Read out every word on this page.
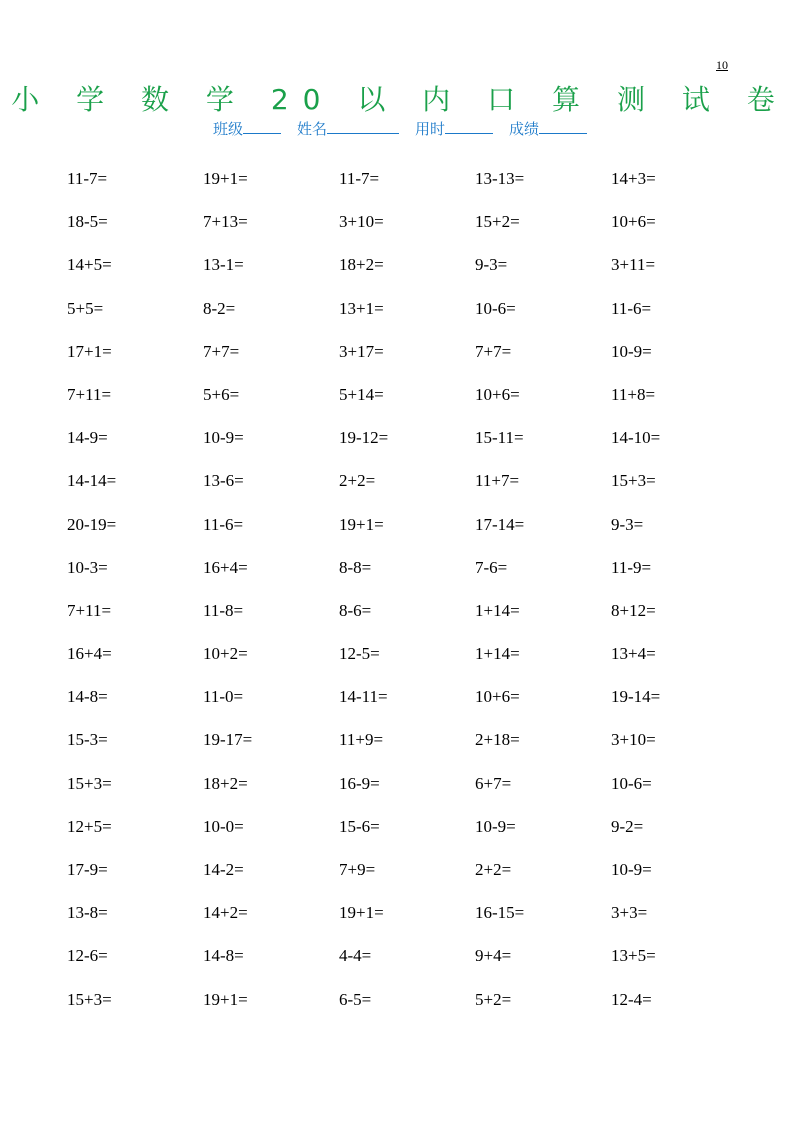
10
小 学 数 学 20 以 内 口 算 测 试 卷
班级	姓名	用时	成绩
11-7=	19+1=	11-7=	13-13=	14+3=
18-5=	7+13=	3+10=	15+2=	10+6=
14+5=	13-1=	18+2=	9-3=	3+11=
5+5=	8-2=	13+1=	10-6=	11-6=
17+1=	7+7=	3+17=	7+7=	10-9=
7+11=	5+6=	5+14=	10+6=	11+8=
14-9=	10-9=	19-12=	15-11=	14-10=
14-14=	13-6=	2+2=	11+7=	15+3=
20-19=	11-6=	19+1=	17-14=	9-3=
10-3=	16+4=	8-8=	7-6=	11-9=
7+11=	11-8=	8-6=	1+14=	8+12=
16+4=	10+2=	12-5=	1+14=	13+4=
14-8=	11-0=	14-11=	10+6=	19-14=
15-3=	19-17=	11+9=	2+18=	3+10=
15+3=	18+2=	16-9=	6+7=	10-6=
12+5=	10-0=	15-6=	10-9=	9-2=
17-9=	14-2=	7+9=	2+2=	10-9=
13-8=	14+2=	19+1=	16-15=	3+3=
12-6=	14-8=	4-4=	9+4=	13+5=
15+3=	19+1=	6-5=	5+2=	12-4=
